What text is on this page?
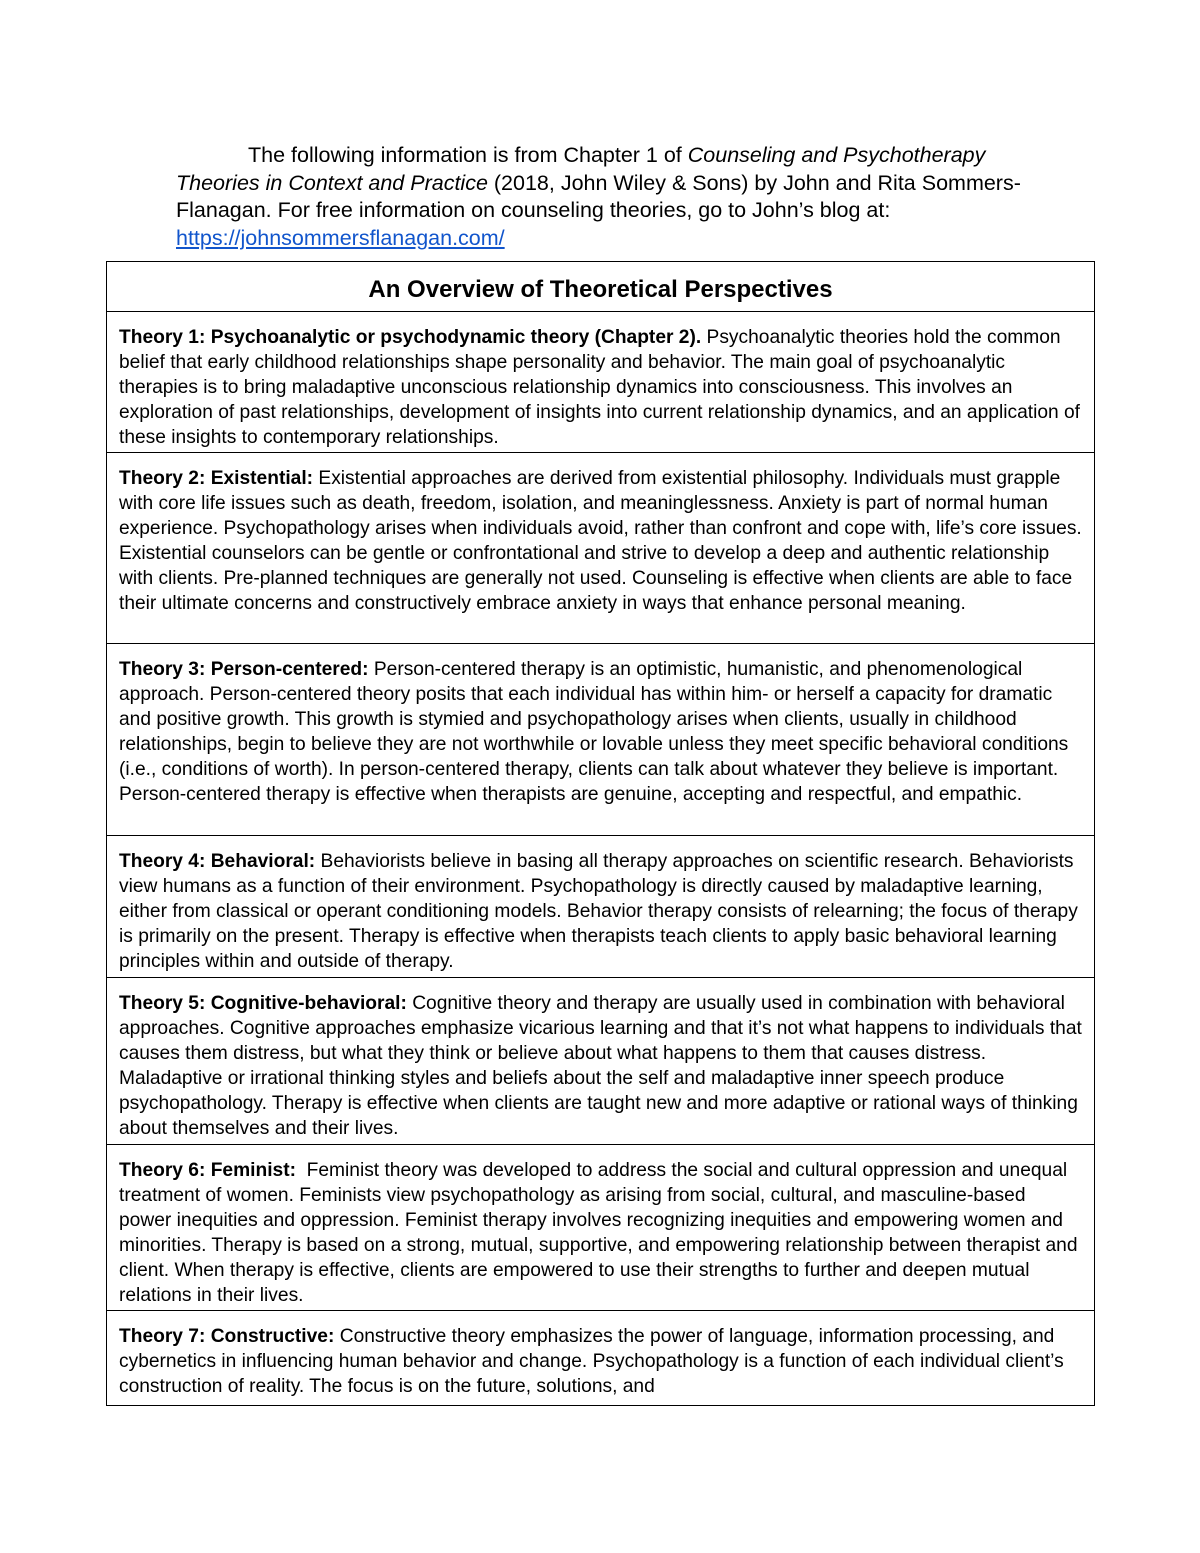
The following information is from Chapter 1 of Counseling and Psychotherapy Theories in Context and Practice (2018, John Wiley & Sons) by John and Rita Sommers-Flanagan. For free information on counseling theories, go to John’s blog at: https://johnsommersflanagan.com/
An Overview of Theoretical Perspectives
Theory 1: Psychoanalytic or psychodynamic theory (Chapter 2). Psychoanalytic theories hold the common belief that early childhood relationships shape personality and behavior. The main goal of psychoanalytic therapies is to bring maladaptive unconscious relationship dynamics into consciousness. This involves an exploration of past relationships, development of insights into current relationship dynamics, and an application of these insights to contemporary relationships.
Theory 2: Existential: Existential approaches are derived from existential philosophy. Individuals must grapple with core life issues such as death, freedom, isolation, and meaninglessness. Anxiety is part of normal human experience. Psychopathology arises when individuals avoid, rather than confront and cope with, life’s core issues. Existential counselors can be gentle or confrontational and strive to develop a deep and authentic relationship with clients. Pre-planned techniques are generally not used. Counseling is effective when clients are able to face their ultimate concerns and constructively embrace anxiety in ways that enhance personal meaning.
Theory 3: Person-centered: Person-centered therapy is an optimistic, humanistic, and phenomenological approach. Person-centered theory posits that each individual has within him- or herself a capacity for dramatic and positive growth. This growth is stymied and psychopathology arises when clients, usually in childhood relationships, begin to believe they are not worthwhile or lovable unless they meet specific behavioral conditions (i.e., conditions of worth). In person-centered therapy, clients can talk about whatever they believe is important. Person-centered therapy is effective when therapists are genuine, accepting and respectful, and empathic.
Theory 4: Behavioral: Behaviorists believe in basing all therapy approaches on scientific research. Behaviorists view humans as a function of their environment. Psychopathology is directly caused by maladaptive learning, either from classical or operant conditioning models. Behavior therapy consists of relearning; the focus of therapy is primarily on the present. Therapy is effective when therapists teach clients to apply basic behavioral learning principles within and outside of therapy.
Theory 5: Cognitive-behavioral: Cognitive theory and therapy are usually used in combination with behavioral approaches. Cognitive approaches emphasize vicarious learning and that it’s not what happens to individuals that causes them distress, but what they think or believe about what happens to them that causes distress. Maladaptive or irrational thinking styles and beliefs about the self and maladaptive inner speech produce psychopathology. Therapy is effective when clients are taught new and more adaptive or rational ways of thinking about themselves and their lives.
Theory 6: Feminist:  Feminist theory was developed to address the social and cultural oppression and unequal treatment of women. Feminists view psychopathology as arising from social, cultural, and masculine-based power inequities and oppression. Feminist therapy involves recognizing inequities and empowering women and minorities. Therapy is based on a strong, mutual, supportive, and empowering relationship between therapist and client. When therapy is effective, clients are empowered to use their strengths to further and deepen mutual relations in their lives.
Theory 7: Constructive: Constructive theory emphasizes the power of language, information processing, and cybernetics in influencing human behavior and change. Psychopathology is a function of each individual client’s construction of reality. The focus is on the future, solutions, and
